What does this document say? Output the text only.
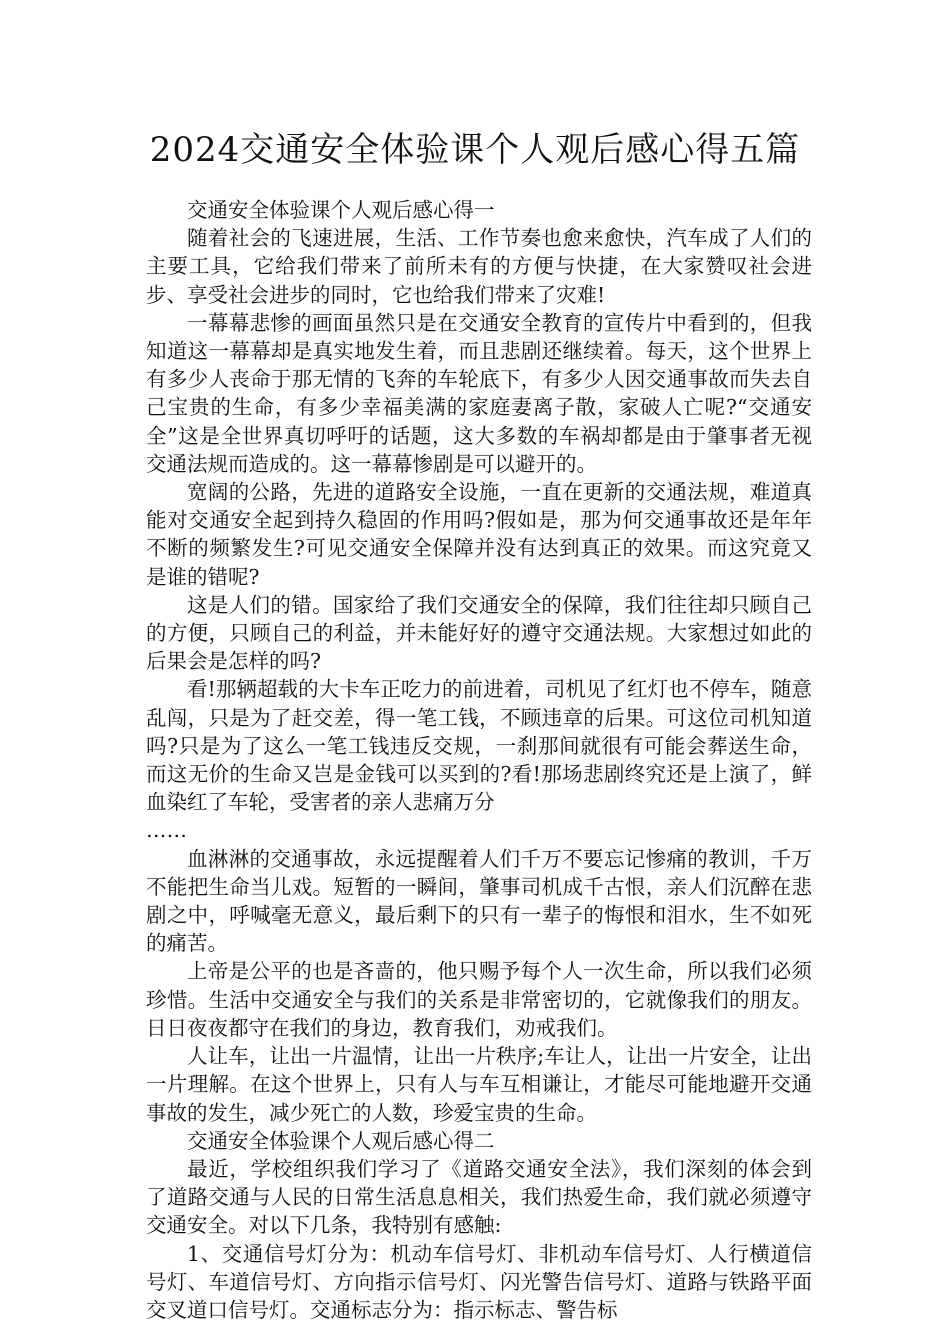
2024交通安全体验课个人观后感心得五篇

交通安全体验课个人观后感心得一

随着社会的飞速进展，生活、工作节奏也愈来愈快，汽车成了人们的主要工具，它给我们带来了前所未有的方便与快捷，在大家赞叹社会进步、享受社会进步的同时，它也给我们带来了灾难!

一幕幕悲惨的画面虽然只是在交通安全教育的宣传片中看到的，但我知道这一幕幕却是真实地发生着，而且悲剧还继续着。每天，这个世界上有多少人丧命于那无情的飞奔的车轮底下，有多少人因交通事故而失去自己宝贵的生命，有多少幸福美满的家庭妻离子散，家破人亡呢?“交通安全”这是全世界真切呼吁的话题，这大多数的车祸却都是由于肇事者无视交通法规而造成的。这一幕幕惨剧是可以避开的。

宽阔的公路，先进的道路安全设施，一直在更新的交通法规，难道真能对交通安全起到持久稳固的作用吗?假如是，那为何交通事故还是年年不断的频繁发生?可见交通安全保障并没有达到真正的效果。而这究竟又是谁的错呢?

这是人们的错。国家给了我们交通安全的保障，我们往往却只顾自己的方便，只顾自己的利益，并未能好好的遵守交通法规。大家想过如此的后果会是怎样的吗?

看!那辆超载的大卡车正吃力的前进着，司机见了红灯也不停车，随意乱闯，只是为了赶交差，得一笔工钱，不顾违章的后果。可这位司机知道吗?只是为了这么一笔工钱违反交规，一刹那间就很有可能会葬送生命，而这无价的生命又岂是金钱可以买到的?看!那场悲剧终究还是上演了，鲜血染红了车轮，受害者的亲人悲痛万分

……

血淋淋的交通事故，永远提醒着人们千万不要忘记惨痛的教训，千万不能把生命当儿戏。短暂的一瞬间，肇事司机成千古恨，亲人们沉醉在悲剧之中，呼喊毫无意义，最后剩下的只有一辈子的悔恨和泪水，生不如死的痛苦。

上帝是公平的也是吝啬的，他只赐予每个人一次生命，所以我们必须珍惜。生活中交通安全与我们的关系是非常密切的，它就像我们的朋友。日日夜夜都守在我们的身边，教育我们，劝戒我们。

人让车，让出一片温情，让出一片秩序;车让人，让出一片安全，让出一片理解。在这个世界上，只有人与车互相谦让，才能尽可能地避开交通事故的发生，减少死亡的人数，珍爱宝贵的生命。

交通安全体验课个人观后感心得二

最近，学校组织我们学习了《道路交通安全法》，我们深刻的体会到了道路交通与人民的日常生活息息相关，我们热爱生命，我们就必须遵守交通安全。对以下几条，我特别有感触:

1、交通信号灯分为：机动车信号灯、非机动车信号灯、人行横道信号灯、车道信号灯、方向指示信号灯、闪光警告信号灯、道路与铁路平面交叉道口信号灯。交通标志分为：指示标志、警告标
